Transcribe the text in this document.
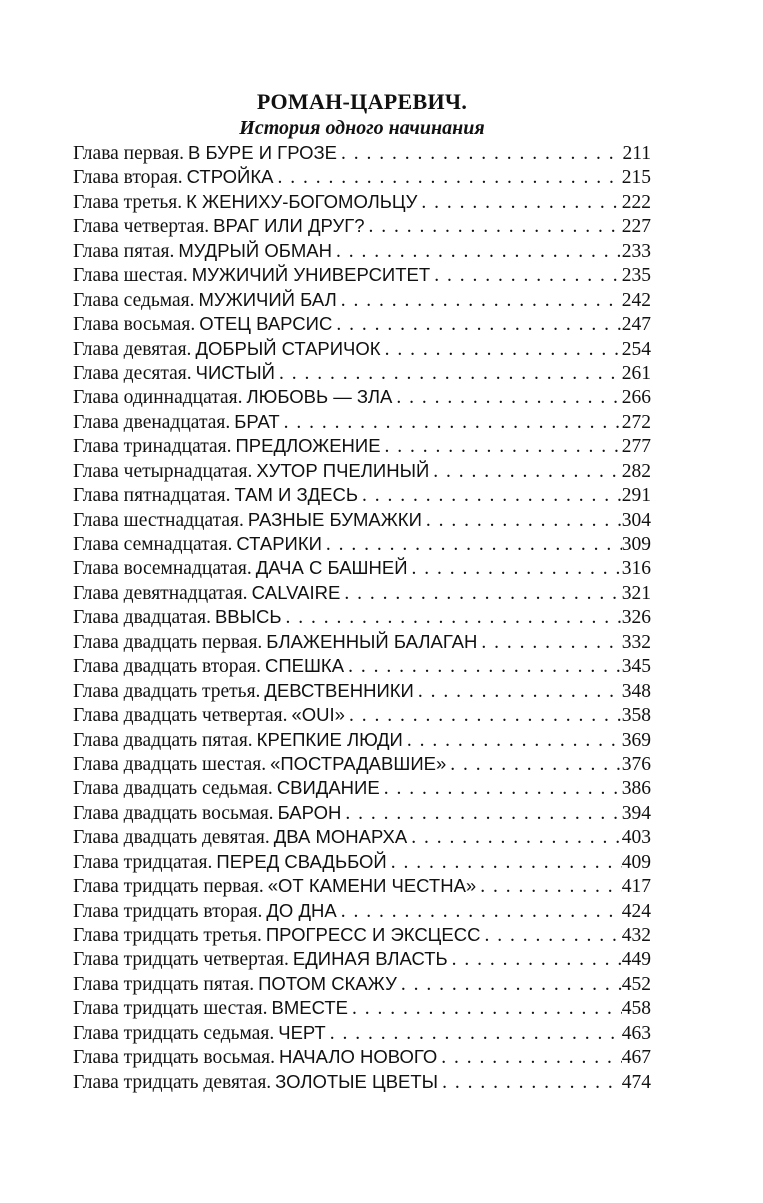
РОМАН-ЦАРЕВИЧ.
История одного начинания
Глава первая. В БУРЕ И ГРОЗЕ . . .	211
Глава вторая. СТРОЙКА . . .	215
Глава третья. К ЖЕНИХУ-БОГОМОЛЬЦУ . . .	222
Глава четвертая. ВРАГ ИЛИ ДРУГ? . . .	227
Глава пятая. МУДРЫЙ ОБМАН . . .	233
Глава шестая. МУЖИЧИЙ УНИВЕРСИТЕТ . . .	235
Глава седьмая. МУЖИЧИЙ БАЛ . . .	242
Глава восьмая. ОТЕЦ ВАРСИС . . .	247
Глава девятая. ДОБРЫЙ СТАРИЧОК . . .	254
Глава десятая. ЧИСТЫЙ . . .	261
Глава одиннадцатая. ЛЮБОВЬ — ЗЛА . . .	266
Глава двенадцатая. БРАТ . . .	272
Глава тринадцатая. ПРЕДЛОЖЕНИЕ . . .	277
Глава четырнадцатая. ХУТОР ПЧЕЛИНЫЙ . . .	282
Глава пятнадцатая. ТАМ И ЗДЕСЬ . . .	291
Глава шестнадцатая. РАЗНЫЕ БУМАЖКИ . . .	304
Глава семнадцатая. СТАРИКИ . . .	309
Глава восемнадцатая. ДАЧА С БАШНЕЙ . . .	316
Глава девятнадцатая. CALVAIRE . . .	321
Глава двадцатая. ВВЫСЬ . . .	326
Глава двадцать первая. БЛАЖЕННЫЙ БАЛАГАН . . .	332
Глава двадцать вторая. СПЕШКА . . .	345
Глава двадцать третья. ДЕВСТВЕННИКИ . . .	348
Глава двадцать четвертая. «OUI» . . .	358
Глава двадцать пятая. КРЕПКИЕ ЛЮДИ . . .	369
Глава двадцать шестая. «ПОСТРАДАВШИЕ» . . .	376
Глава двадцать седьмая. СВИДАНИЕ . . .	386
Глава двадцать восьмая. БАРОН . . .	394
Глава двадцать девятая. ДВА МОНАРХА . . .	403
Глава тридцатая. ПЕРЕД СВАДЬБОЙ . . .	409
Глава тридцать первая. «ОТ КАМЕНИ ЧЕСТНА» . . .	417
Глава тридцать вторая. ДО ДНА . . .	424
Глава тридцать третья. ПРОГРЕСС И ЭКСЦЕСС . . .	432
Глава тридцать четвертая. ЕДИНАЯ ВЛАСТЬ . . .	449
Глава тридцать пятая. ПОТОМ СКАЖУ . . .	452
Глава тридцать шестая. ВМЕСТЕ . . .	458
Глава тридцать седьмая. ЧЕРТ . . .	463
Глава тридцать восьмая. НАЧАЛО НОВОГО . . .	467
Глава тридцать девятая. ЗОЛОТЫЕ ЦВЕТЫ . . .	474
